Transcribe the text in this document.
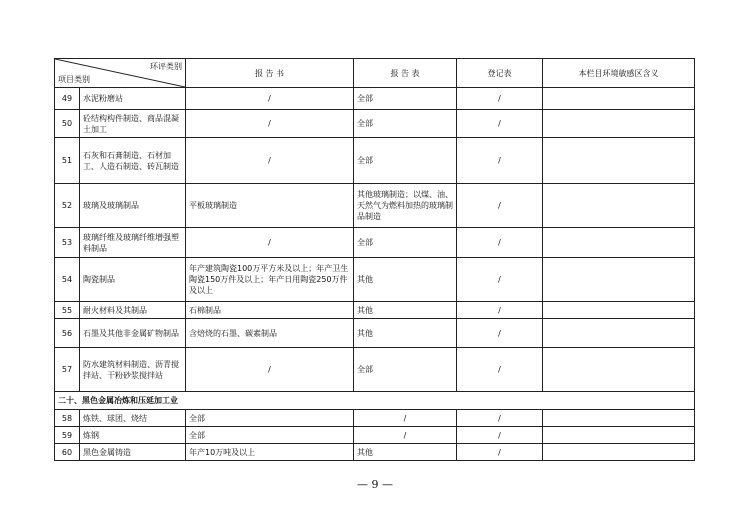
环评类别
项目类别		报 告 书	报 告 表	登记表	本栏目环境敏感区含义
49	水泥粉磨站	/	全部	/	
50	砼结构构件制造、商品混凝土加工	/	全部	/	
51	石灰和石膏制造、石材加工、人造石制造、砖瓦制造	/	全部	/	
52	玻璃及玻璃制品	平板玻璃制造	其他玻璃制造；以煤、油、天然气为燃料加热的玻璃制品制造	/	
53	玻璃纤维及玻璃纤维增强塑料制品	/	全部	/	
54	陶瓷制品	年产建筑陶瓷100万平方米及以上；年产卫生陶瓷150万件及以上；年产日用陶瓷250万件及以上	其他	/	
55	耐火材料及其制品	石棉制品	其他	/	
56	石墨及其他非金属矿物制品	含焙烧的石墨、碳素制品	其他	/	
57	防水建筑材料制造、沥青搅拌站、干粉砂浆搅拌站	/	全部	/	
二十、黑色金属冶炼和压延加工业					
58	炼铁、球团、烧结	全部	/	/	
59	炼钢	全部	/	/	
60	黑色金属铸造	年产10万吨及以上	其他	/	
— 9 —
